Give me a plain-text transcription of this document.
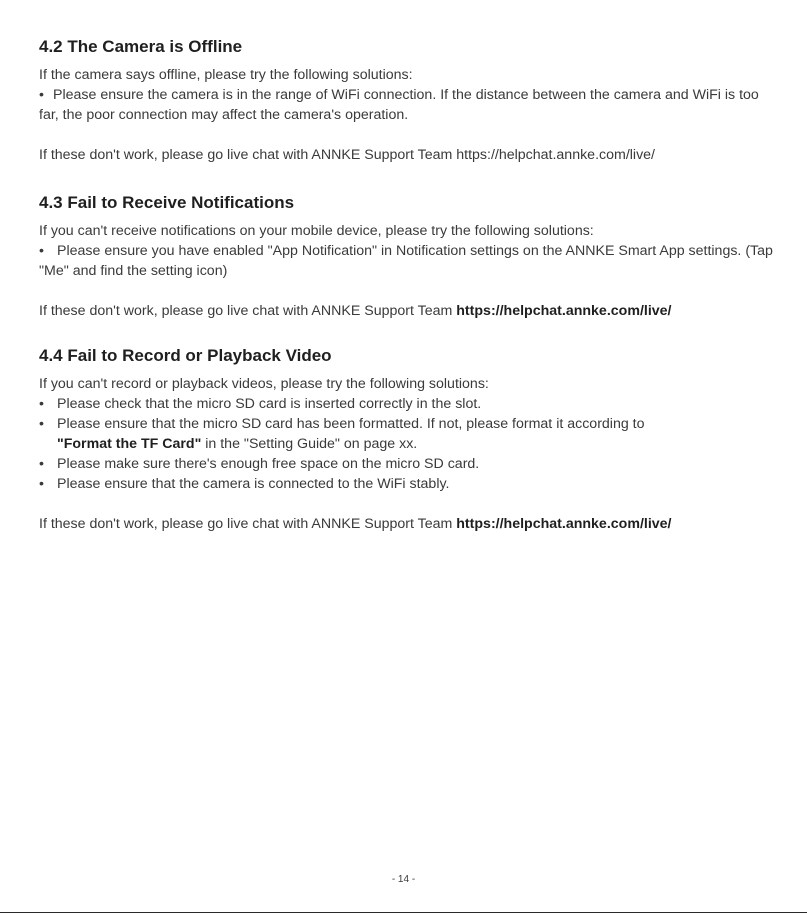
4.2 The Camera is Offline

If the camera says offline, please try the following solutions:

• Please ensure the camera is in the range of WiFi connection. If the distance between the camera and WiFi is too far, the poor connection may affect the camera's operation.

If these don't work, please go live chat with ANNKE Support Team https://helpchat.annke.com/live/

4.3 Fail to Receive Notifications

If you can't receive notifications on your mobile device, please try the following solutions:

• Please ensure you have enabled "App Notification" in Notification settings on the ANNKE Smart App settings. (Tap "Me" and find the setting icon)

If these don't work, please go live chat with ANNKE Support Team https://helpchat.annke.com/live/

4.4 Fail to Record or Playback Video

If you can't record or playback videos, please try the following solutions:

• Please check that the micro SD card is inserted correctly in the slot.
• Please ensure that the micro SD card has been formatted. If not, please format it according to
"Format the TF Card" in the "Setting Guide" on page xx.
• Please make sure there's enough free space on the micro SD card.
• Please ensure that the camera is connected to the WiFi stably.

If these don't work, please go live chat with ANNKE Support Team https://helpchat.annke.com/live/

- 14 -
